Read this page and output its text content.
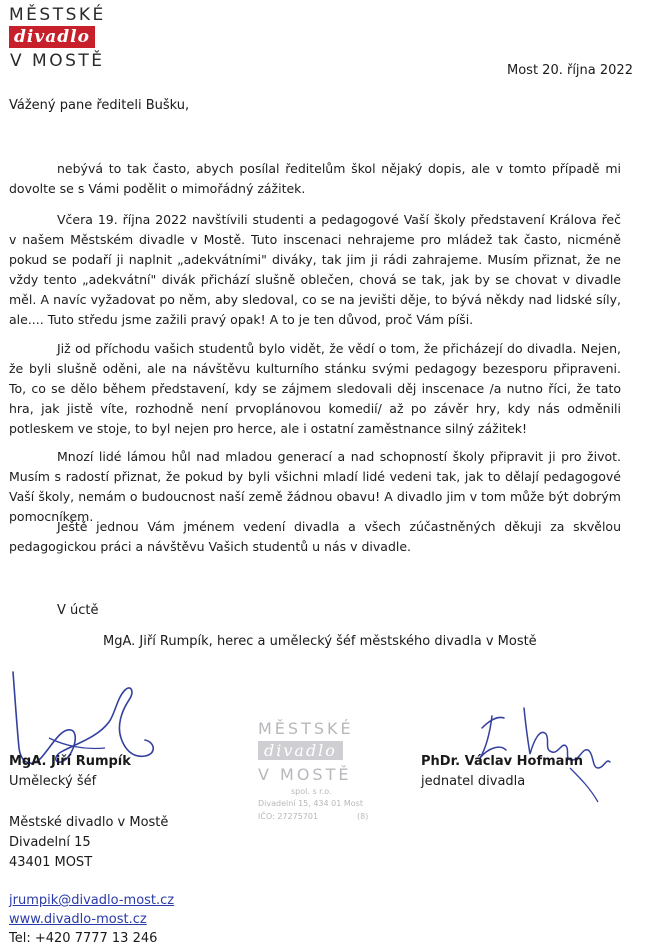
MĚSTSKÉ
divadlo
V MOSTĚ	Most 20. října 2022
Vážený pane řediteli Bušku,
nebývá to tak často, abych posílal ředitelům škol nějaký dopis, ale v tomto případě mi dovolte se s Vámi podělit o mimořádný zážitek.
Včera 19. října 2022 navštívili studenti a pedagogové Vaší školy představení Králova řeč v našem Městském divadle v Mostě. Tuto inscenaci nehrajeme pro mládež tak často, nicméně pokud se podaří ji naplnit „adekvátními" diváky, tak jim ji rádi zahrajeme. Musím přiznat, že ne vždy tento „adekvátní" divák přichází slušně oblečen, chová se tak, jak by se chovat v divadle měl. A navíc vyžadovat po něm, aby sledoval, co se na jevišti děje, to bývá někdy nad lidské síly, ale.... Tuto středu jsme zažili pravý opak! A to je ten důvod, proč Vám píši.
Již od příchodu vašich studentů bylo vidět, že vědí o tom, že přicházejí do divadla. Nejen, že byli slušně oděni, ale na návštěvu kulturního stánku svými pedagogy bezesporu připraveni. To, co se dělo během představení, kdy se zájmem sledovali děj inscenace /a nutno říci, že tato hra, jak jistě víte, rozhodně není prvoplánovou komedií/ až po závěr hry, kdy nás odměnili potleskem ve stoje, to byl nejen pro herce, ale i ostatní zaměstnance silný zážitek!
Mnozí lidé lámou hůl nad mladou generací a nad schopností školy připravit ji pro život. Musím s radostí přiznat, že pokud by byli všichni mladí lidé vedeni tak, jak to dělají pedagogové Vaší školy, nemám o budoucnost naší země žádnou obavu! A divadlo jim v tom může být dobrým pomocníkem.
Ještě jednou Vám jménem vedení divadla a všech zúčastněných děkuji za skvělou pedagogickou práci a návštěvu Vašich studentů u nás v divadle.
V úctě
MgA. Jiří Rumpík, herec a umělecký šéf městského divadla v Mostě
MgA. Jiří Rumpík
Umělecký šéf
MĚSTSKÉ
divadlo
V MOSTĚ
spol. s r.o.
Divadelní 15, 434 01 Most
IČO: 27275701	(8)
PhDr. Václav Hofmann
jednatel divadla
Městské divadlo v Mostě
Divadelní 15
43401 MOST
jrumpik@divadlo-most.cz
www.divadlo-most.cz
Tel: +420 7777 13 246
